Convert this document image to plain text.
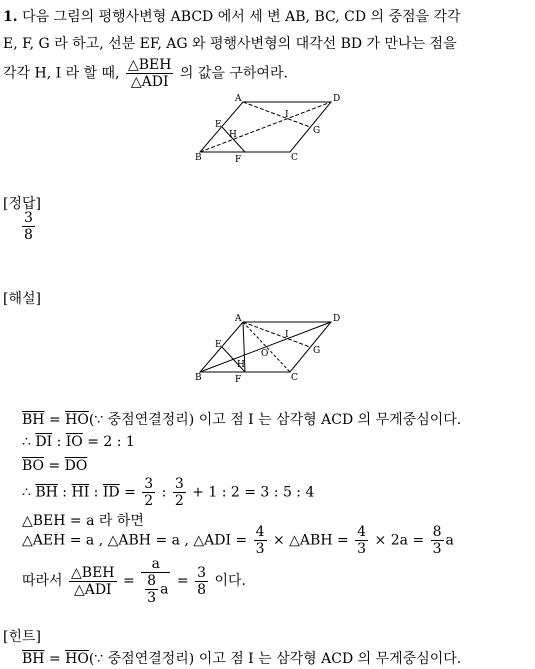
1. 다음 그림의 평행사변형 ABCD 에서 세 변 AB, BC, CD 의 중점을 각각
E, F, G 라 하고, 선분 EF, AG 와 평행사변형의 대각선 BD 가 만나는 점을
각각 H, I 라 할 때, $\frac{\text{△BEH}}{\text{△ADI}}$ 의 값을 구하여라.
A	D
B	C
E
F
G
H
I
[정답]
$\frac{3}{8}$
[해설]
A	D
B	C
E
F
G
H
I
O
$\overline{BH}$ = $\overline{HO}(\because$ 중점연결정리) 이고 점 I 는 삼각형 ACD 의 무게중심이다.
∴ $\overline{DI}$ : $\overline{IO} = 2$ : 1
$\overline{BO} = \overline{DO}$
∴ $\overline{BH}$ : $\overline{HI}$ : $\overline{ID} = \frac{3}{2}$ : $\frac{3}{2} + 1$ : 2 = 3 : 5 : 4
△BEH = a 라 하면
△AEH = a , △ABH = a , △ADI = $\frac{4}{3}$ × △ABH = $\frac{4}{3} \times 2a = \frac{8}{3}$ a
따라서 $\frac{\text{△BEH}}{\text{△ADI}} = \frac{a}{\frac{8}{3} a} = \frac{3}{8}$ 이다.
[힌트]
$\overline{BH}$ = $\overline{HO}(\because$ 중점연결정리) 이고 점 I 는 삼각형 ACD 의 무게중심이다.
